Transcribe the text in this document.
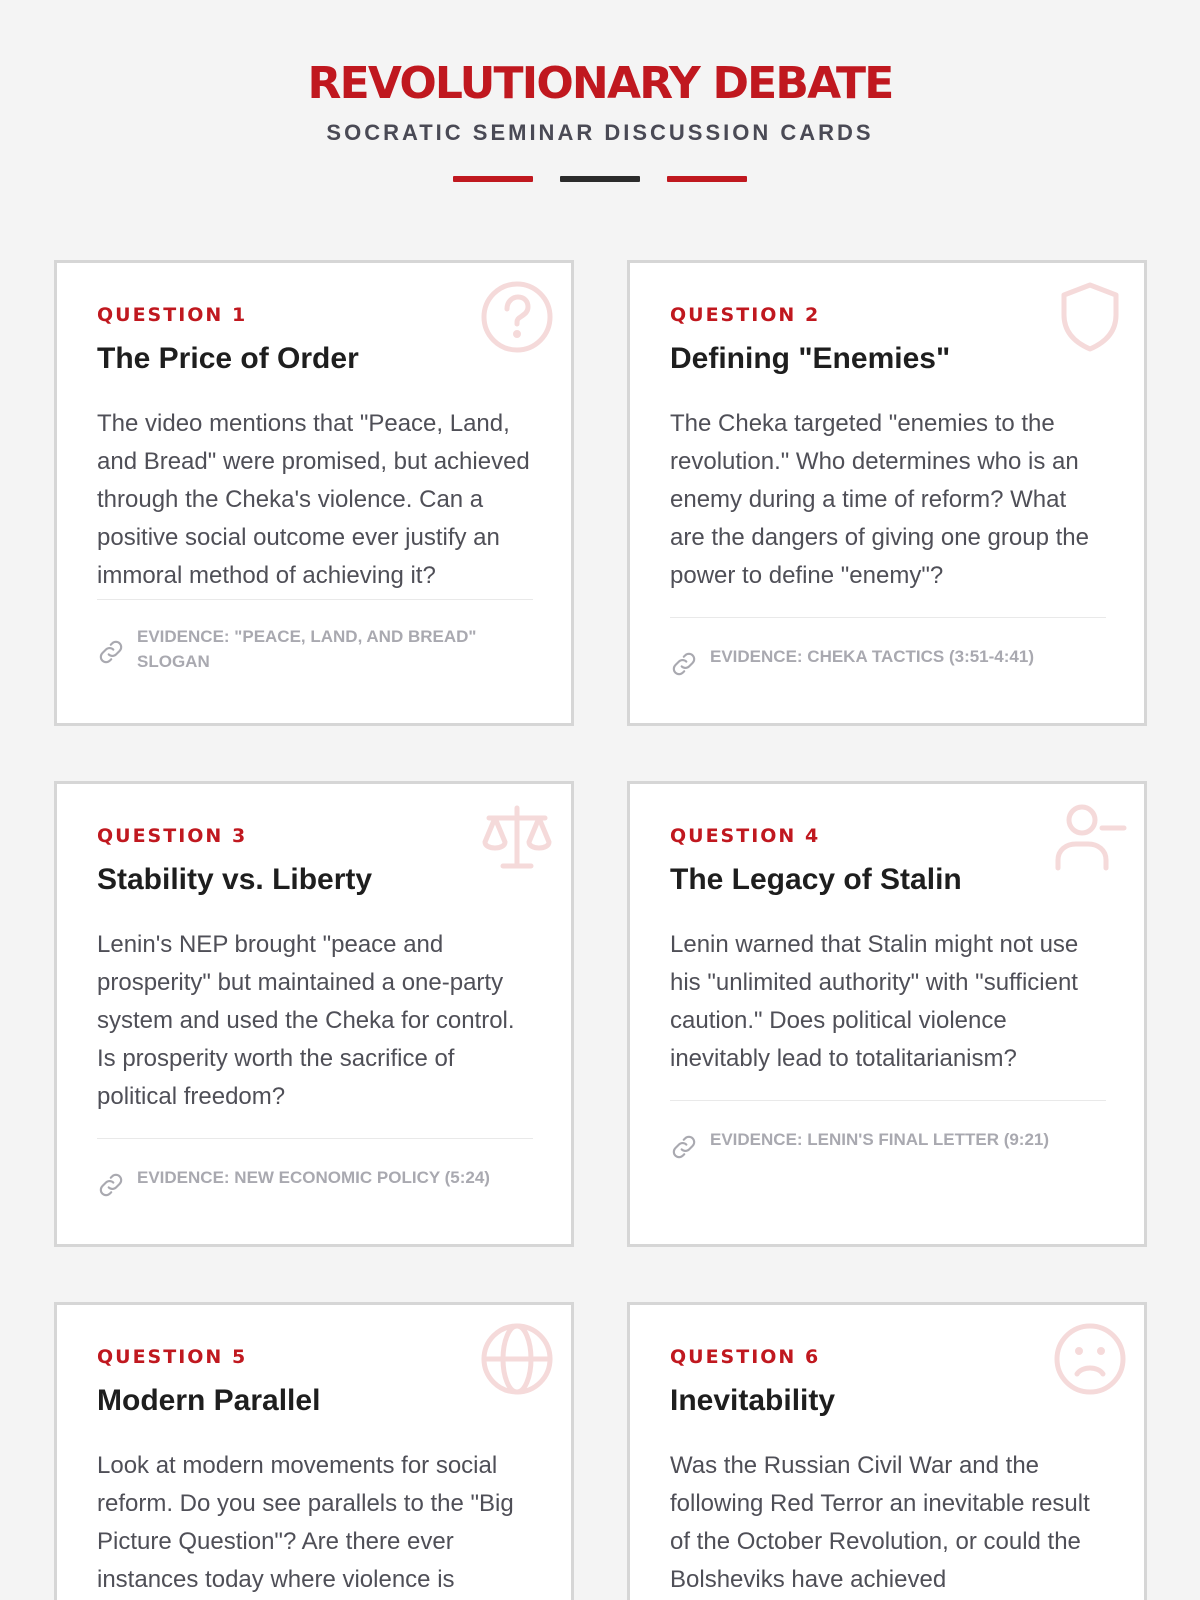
REVOLUTIONARY DEBATE
SOCRATIC SEMINAR DISCUSSION CARDS
QUESTION 1
The Price of Order
The video mentions that "Peace, Land, and Bread" were promised, but achieved through the Cheka's violence. Can a positive social outcome ever justify an immoral method of achieving it?
EVIDENCE: "PEACE, LAND, AND BREAD" SLOGAN
QUESTION 2
Defining "Enemies"
The Cheka targeted "enemies to the revolution." Who determines who is an enemy during a time of reform? What are the dangers of giving one group the power to define "enemy"?
EVIDENCE: CHEKA TACTICS (3:51-4:41)
QUESTION 3
Stability vs. Liberty
Lenin's NEP brought "peace and prosperity" but maintained a one-party system and used the Cheka for control. Is prosperity worth the sacrifice of political freedom?
EVIDENCE: NEW ECONOMIC POLICY (5:24)
QUESTION 4
The Legacy of Stalin
Lenin warned that Stalin might not use his "unlimited authority" with "sufficient caution." Does political violence inevitably lead to totalitarianism?
EVIDENCE: LENIN'S FINAL LETTER (9:21)
QUESTION 5
Modern Parallel
Look at modern movements for social reform. Do you see parallels to the "Big Picture Question"? Are there ever instances today where violence is
QUESTION 6
Inevitability
Was the Russian Civil War and the following Red Terror an inevitable result of the October Revolution, or could the Bolsheviks have achieved
